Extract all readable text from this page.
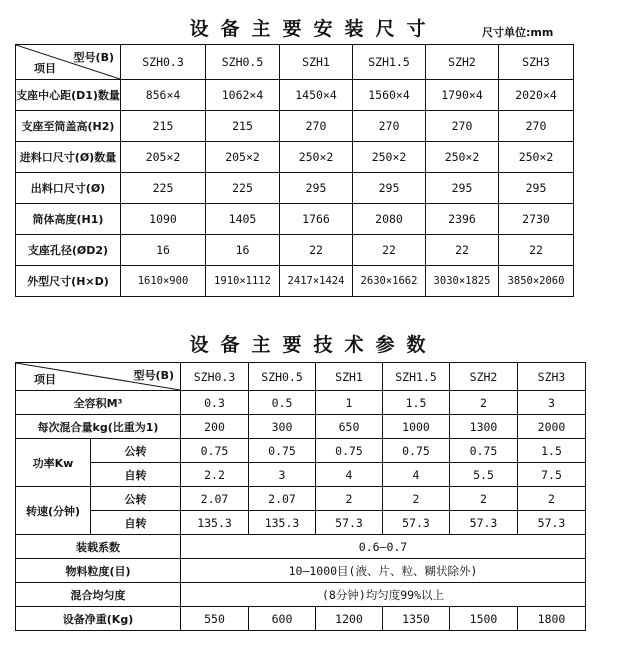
设备主要安装尺寸	尺寸单位:mm
型号(B)
项目	SZH0.3	SZH0.5	SZH1	SZH1.5	SZH2	SZH3
支座中心距(D1)数量	856×4	1062×4	1450×4	1560×4	1790×4	2020×4
支座至筒盖高(H2)	215	215	270	270	270	270
进料口尺寸(Ø)数量	205×2	205×2	250×2	250×2	250×2	250×2
出料口尺寸(Ø)	225	225	295	295	295	295
筒体高度(H1)	1090	1405	1766	2080	2396	2730
支座孔径(ØD2)	16	16	22	22	22	22
外型尺寸(H×D)	1610×900	1910×1112	2417×1424	2630×1662	3030×1825	3850×2060
设备主要技术参数
型号(B)
项目		SZH0.3	SZH0.5	SZH1	SZH1.5	SZH2	SZH3
全容积M³		0.3	0.5	1	1.5	2	3
每次混合量kg(比重为1)		200	300	650	1000	1300	2000
功率Kw	公转	0.75	0.75	0.75	0.75	0.75	1.5
	自转	2.2	3	4	4	5.5	7.5
转速(分钟)	公转	2.07	2.07	2	2	2	2
	自转	135.3	135.3	57.3	57.3	57.3	57.3
装载系数		0.6—0.7					
物料粒度(目)		10—1000目(液、片、粒、糊状除外)					
混合均匀度		(8分钟)均匀度99%以上					
设备净重(Kg)		550	600	1200	1350	1500	1800
